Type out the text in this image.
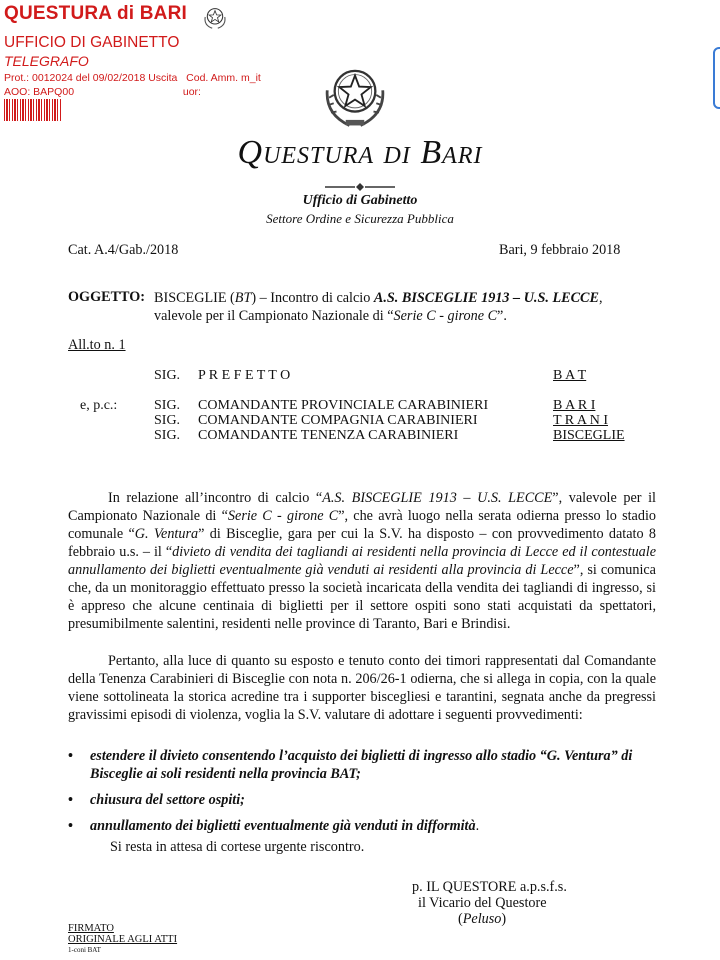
QUESTURA di BARI
UFFICIO DI GABINETTO
TELEGRAFO
Prot.: 0012024 del 09/02/2018 Uscita Cod. Amm. m_it
AOO: BAPQ00	uor:
Questura di Bari
Ufficio di Gabinetto
Settore Ordine e Sicurezza Pubblica
Cat. A.4/Gab./2018	Bari, 9 febbraio 2018
OGGETTO: BISCEGLIE (BT) – Incontro di calcio A.S. BISCEGLIE 1913 – U.S. LECCE,
valevole per il Campionato Nazionale di “Serie C - girone C”.
All.to n. 1
SIG. P R E F E T T O	B A T
e, p.c.:	SIG. COMANDANTE PROVINCIALE CARABINIERI	B A R I
SIG. COMANDANTE COMPAGNIA CARABINIERI	T R A N I
SIG. COMANDANTE TENENZA CARABINIERI	BISCEGLIE
In relazione all’incontro di calcio “A.S. BISCEGLIE 1913 – U.S. LECCE”, valevole per il Campionato Nazionale di “Serie C - girone C”, che avrà luogo nella serata odierna presso lo stadio comunale “G. Ventura” di Bisceglie, gara per cui la S.V. ha disposto – con provvedimento datato 8 febbraio u.s. – il “divieto di vendita dei tagliandi ai residenti nella provincia di Lecce ed il contestuale annullamento dei biglietti eventualmente già venduti ai residenti alla provincia di Lecce”, si comunica che, da un monitoraggio effettuato presso la società incaricata della vendita dei tagliandi di ingresso, si è appreso che alcune centinaia di biglietti per il settore ospiti sono stati acquistati da spettatori, presumibilmente salentini, residenti nelle province di Taranto, Bari e Brindisi.
Pertanto, alla luce di quanto su esposto e tenuto conto dei timori rappresentati dal Comandante della Tenenza Carabinieri di Bisceglie con nota n. 206/26-1 odierna, che si allega in copia, con la quale viene sottolineata la storica acredine tra i supporter biscegliesi e tarantini, segnata anche da pregressi gravissimi episodi di violenza, voglia la S.V. valutare di adottare i seguenti provvedimenti:
• estendere il divieto consentendo l’acquisto dei biglietti di ingresso allo stadio “G. Ventura” di Bisceglie ai soli residenti nella provincia BAT;
• chiusura del settore ospiti;
• annullamento dei biglietti eventualmente già venduti in difformità.
Si resta in attesa di cortese urgente riscontro.
p. IL QUESTORE a.p.s.f.s.
il Vicario del Questore
(Peluso)
FIRMATO
ORIGINALE AGLI ATTI
1-coni BAT
